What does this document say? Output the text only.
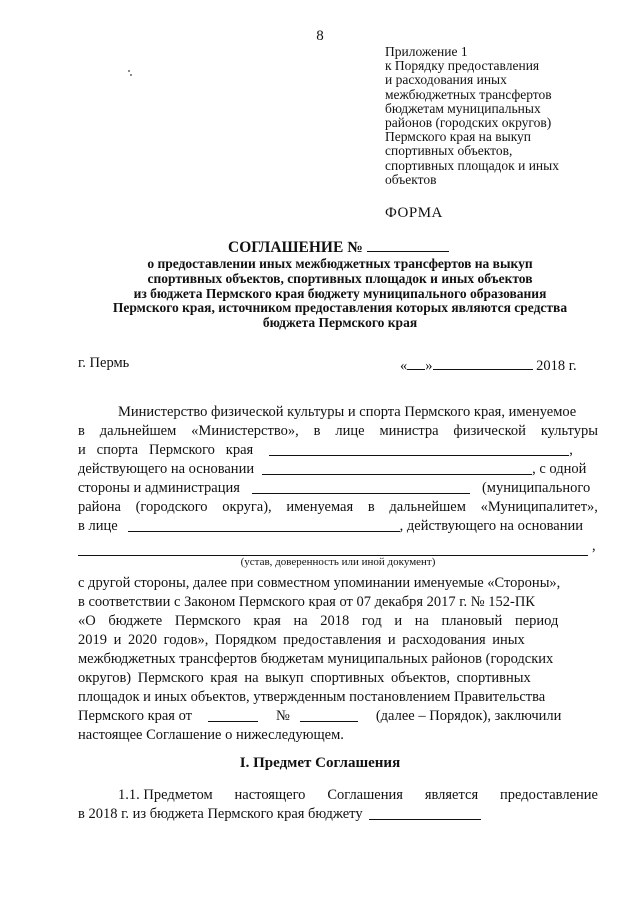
8
Приложение 1
к Порядку предоставления
и расходования иных
межбюджетных трансфертов
бюджетам муниципальных
районов (городских округов)
Пермского края на выкуп
спортивных объектов,
спортивных площадок и иных
объектов
ФОРМА
СОГЛАШЕНИЕ №
о предоставлении иных межбюджетных трансфертов на выкуп
спортивных объектов, спортивных площадок и иных объектов
из бюджета Пермского края бюджету муниципального образования
Пермского края, источником предоставления которых являются средства
бюджета Пермского края
г. Пермь	« »	2018 г.
Министерство физической культуры и спорта Пермского края, именуемое
в дальнейшем «Министерство», в лице министра физической культуры
и   спорта   Пермского   края	,
действующего на основании	, с одной
стороны и администрация	(муниципального
района (городского округа), именуемая в дальнейшем «Муниципалитет»,
в лице	, действующего на основании
,
(устав, доверенность или иной документ)
с другой стороны, далее при совместном упоминании именуемые «Стороны»,
в соответствии с Законом Пермского края от 07 декабря 2017 г. № 152-ПК
«О бюджете Пермского края на 2018 год и на плановый период
2019 и 2020 годов», Порядком предоставления и расходования иных
межбюджетных трансфертов бюджетам муниципальных районов (городских
округов) Пермского края на выкуп спортивных объектов, спортивных
площадок и иных объектов, утвержденным постановлением Правительства
Пермского края от	№	(далее – Порядок), заключили
настоящее Соглашение о нижеследующем.
I. Предмет Соглашения
1.1. Предметом настоящего Соглашения является предоставление
в 2018 г. из бюджета Пермского края бюджету
